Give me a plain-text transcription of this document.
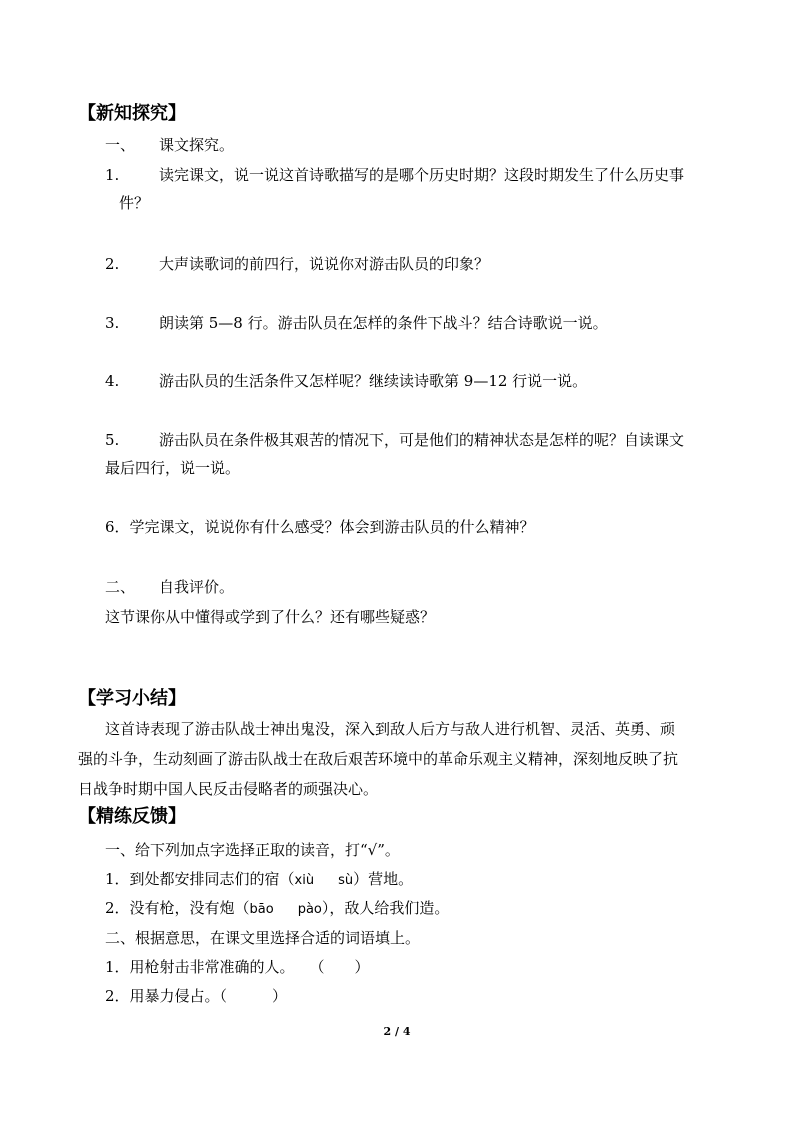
【新知探究】
一、 课文探究。
1.	读完课文，说一说这首诗歌描写的是哪个历史时期？这段时期发生了什么历史事
件？
2.	大声读歌词的前四行，说说你对游击队员的印象？
3.	朗读第 5—8 行。游击队员在怎样的条件下战斗？结合诗歌说一说。
4.	游击队员的生活条件又怎样呢？继续读诗歌第 9—12 行说一说。
5.	游击队员在条件极其艰苦的情况下，可是他们的精神状态是怎样的呢？自读课文
最后四行，说一说。
6．学完课文，说说你有什么感受？体会到游击队员的什么精神？
二、 自我评价。
这节课你从中懂得或学到了什么？还有哪些疑惑？
【学习小结】
这首诗表现了游击队战士神出鬼没，深入到敌人后方与敌人进行机智、灵活、英勇、顽
强的斗争，生动刻画了游击队战士在敌后艰苦环境中的革命乐观主义精神，深刻地反映了抗
日战争时期中国人民反击侵略者的顽强决心。
【精练反馈】
一、给下列加点字选择正取的读音，打“√”。
1．到处都安排同志们的宿（xiù sù）营地。
2．没有枪，没有炮（bāo pào），敌人给我们造。
二、根据意思，在课文里选择合适的词语填上。
1．用枪射击非常准确的人。　　（　　）
2．用暴力侵占。（　　　）
2 / 4
